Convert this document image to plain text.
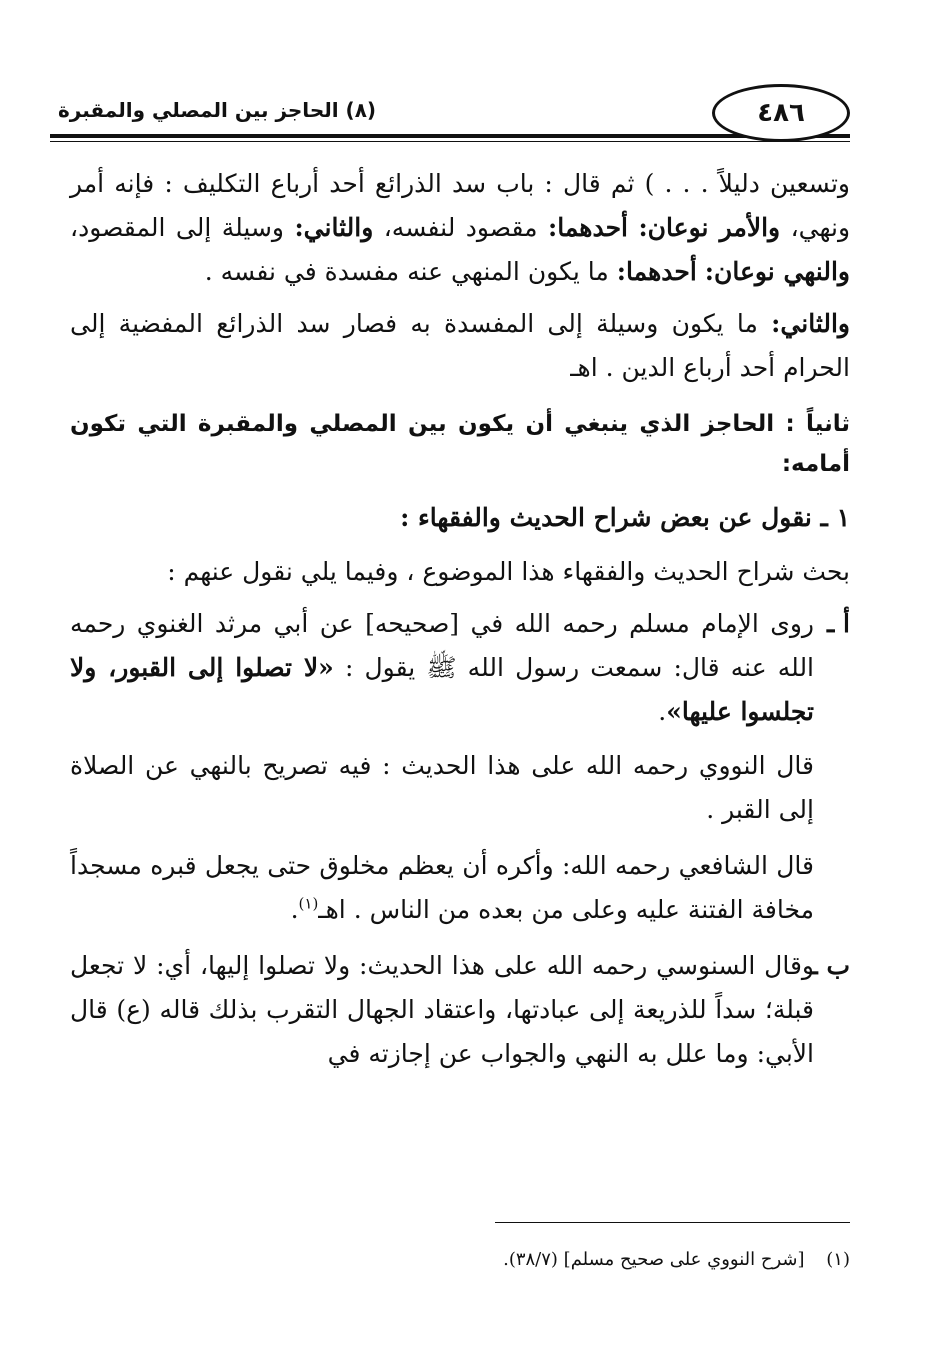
٤٨٦
(٨) الحاجز بين المصلي والمقبرة

وتسعين دليلاً . . . ) ثم قال : باب سد الذرائع أحد أرباع التكليف : فإنه أمر ونهي، والأمر نوعان: أحدهما: مقصود لنفسه، والثاني: وسيلة إلى المقصود، والنهي نوعان: أحدهما: ما يكون المنهي عنه مفسدة في نفسه .

والثاني: ما يكون وسيلة إلى المفسدة به فصار سد الذرائع المفضية إلى الحرام أحد أرباع الدين . اهـ

ثانياً : الحاجز الذي ينبغي أن يكون بين المصلي والمقبرة التي تكون أمامه:
١ ـ نقول عن بعض شراح الحديث والفقهاء :

بحث شراح الحديث والفقهاء هذا الموضوع ، وفيما يلي نقول عنهم :

أ ـ
روى الإمام مسلم رحمه الله في [صحيحه] عن أبي مرثد الغنوي رحمه الله عنه قال: سمعت رسول الله ﷺ يقول : «لا تصلوا إلى القبور، ولا تجلسوا عليها».

قال النووي رحمه الله على هذا الحديث : فيه تصريح بالنهي عن الصلاة إلى القبر .

قال الشافعي رحمه الله: وأكره أن يعظم مخلوق حتى يجعل قبره مسجداً مخافة الفتنة عليه وعلى من بعده من الناس . اهـ$^{(١)}$.

ب ـ
وقال السنوسي رحمه الله على هذا الحديث: ولا تصلوا إليها، أي: لا تجعل قبلة؛ سداً للذريعة إلى عبادتها، واعتقاد الجهال التقرب بذلك قاله (ع) قال الأبي: وما علل به النهي والجواب عن إجازته في
(١) [شرح النووي على صحيح مسلم] (٣٨/٧).
